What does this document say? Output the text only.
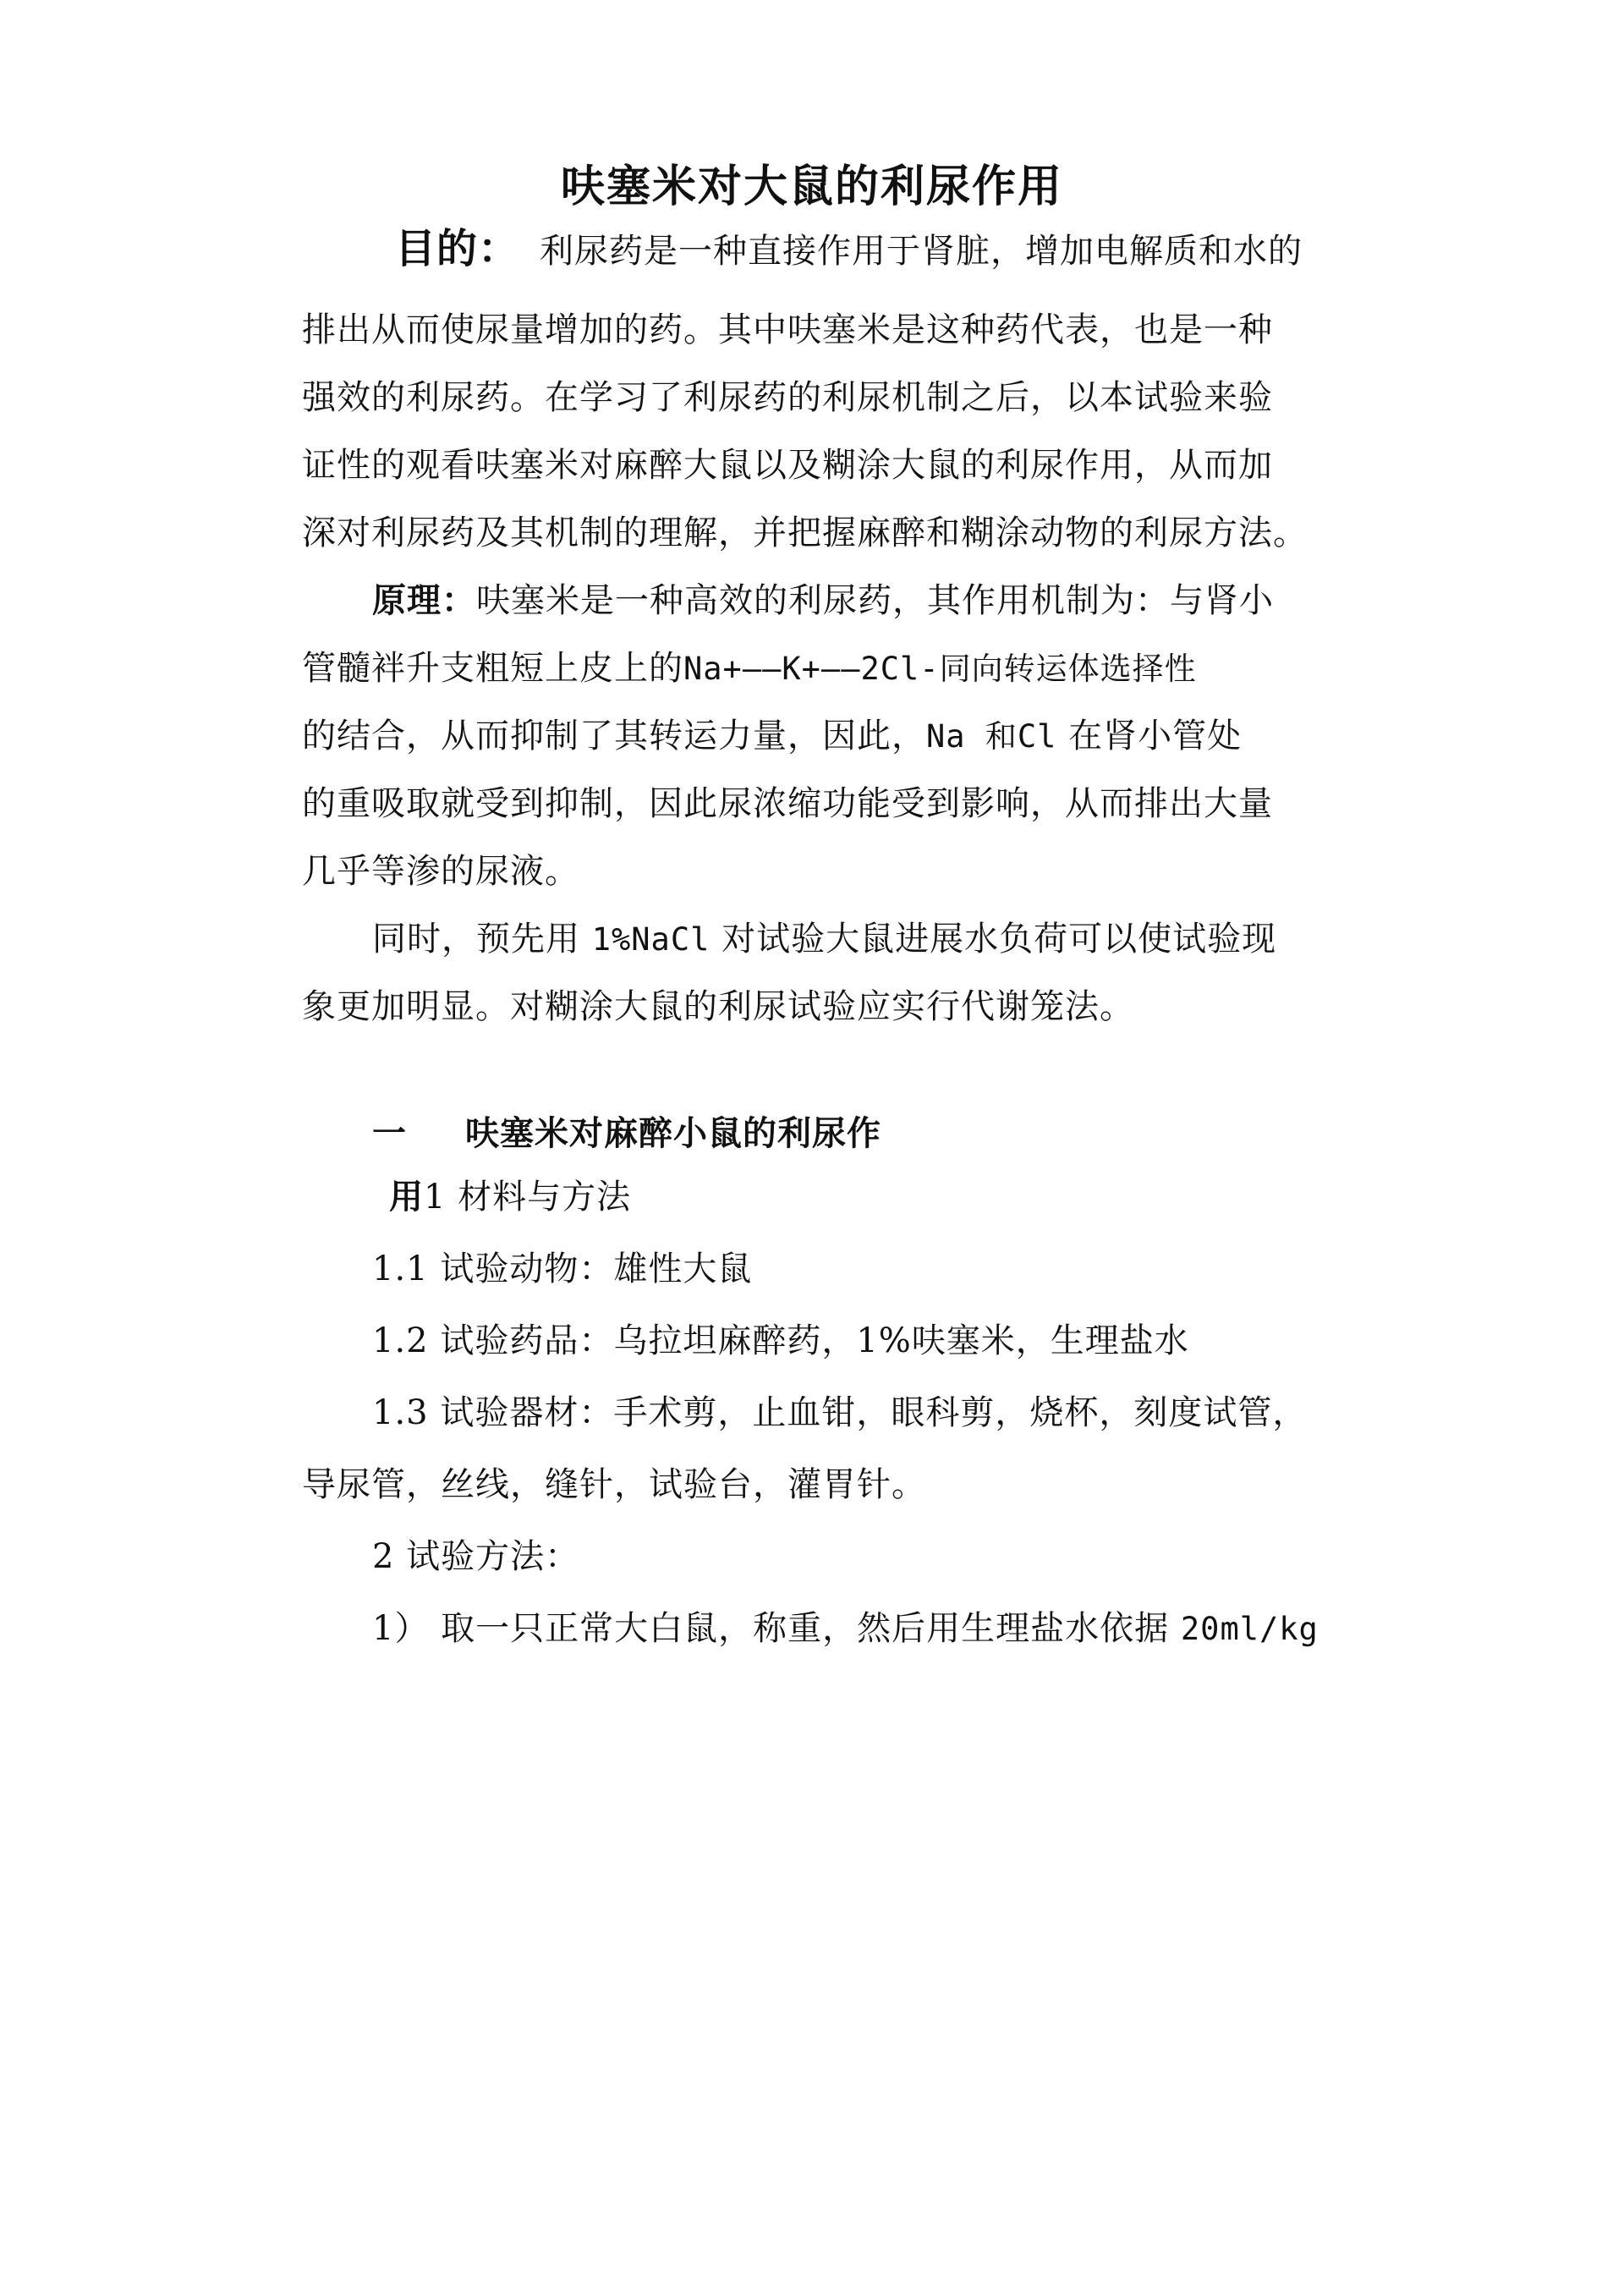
呋塞米对大鼠的利尿作用
目的： 利尿药是一种直接作用于肾脏，增加电解质和水的
排出从而使尿量增加的药。其中呋塞米是这种药代表，也是一种
强效的利尿药。在学习了利尿药的利尿机制之后，以本试验来验
证性的观看呋塞米对麻醉大鼠以及糊涂大鼠的利尿作用，从而加
深对利尿药及其机制的理解，并把握麻醉和糊涂动物的利尿方法。
原理：呋塞米是一种高效的利尿药，其作用机制为：与肾小
管髓袢升支粗短上皮上的Na+——K+——2Cl-同向转运体选择性
的结合，从而抑制了其转运力量，因此，Na 和Cl 在肾小管处
的重吸取就受到抑制，因此尿浓缩功能受到影响，从而排出大量
几乎等渗的尿液。
同时，预先用 1%NaCl 对试验大鼠进展水负荷可以使试验现
象更加明显。对糊涂大鼠的利尿试验应实行代谢笼法。
一 呋塞米对麻醉小鼠的利尿作
用1 材料与方法
1.1 试验动物：雄性大鼠
1.2 试验药品：乌拉坦麻醉药，1%呋塞米，生理盐水
1.3 试验器材：手术剪，止血钳，眼科剪，烧杯，刻度试管，
导尿管，丝线，缝针，试验台，灌胃针。
2 试验方法：
1） 取一只正常大白鼠，称重，然后用生理盐水依据 20ml/kg
